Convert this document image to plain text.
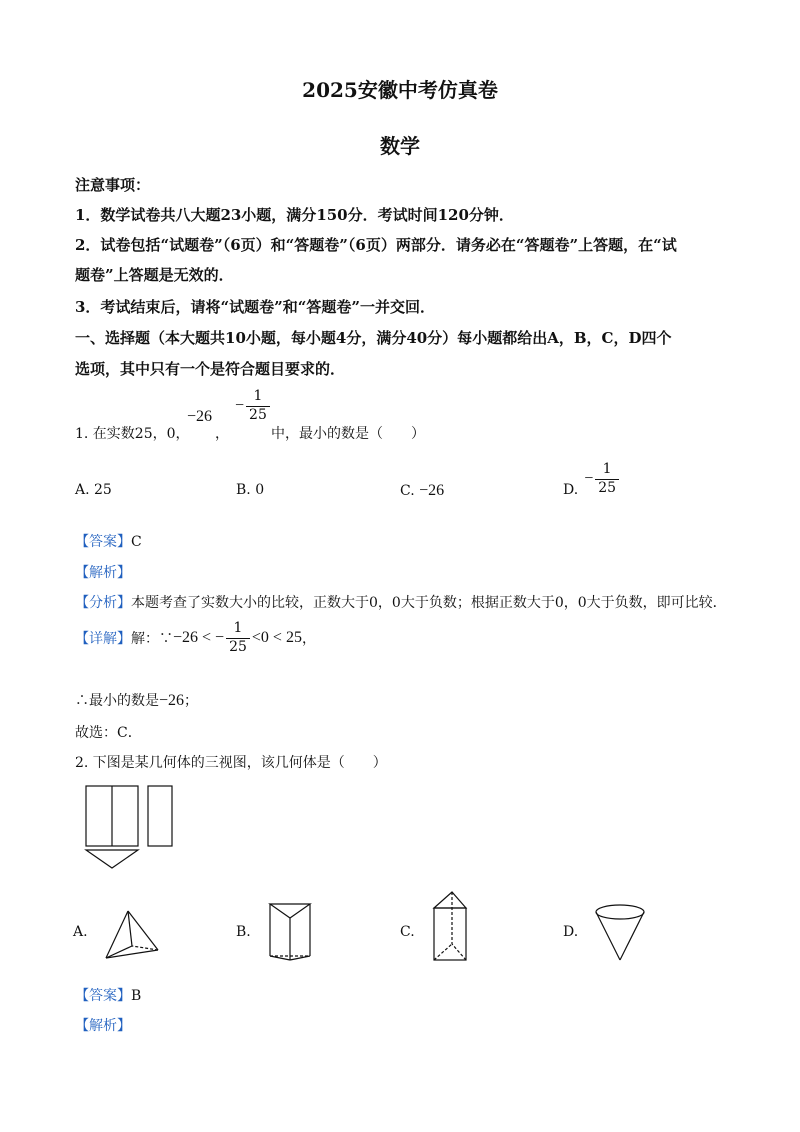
2025安徽中考仿真卷
数学
注意事项：
1．数学试卷共八大题23小题，满分150分．考试时间120分钟．
2．试卷包括“试题卷”（6页）和“答题卷”（6页）两部分．请务必在“答题卷”上答题，在“试
题卷”上答题是无效的．
3．考试结束后，请将“试题卷”和“答题卷”一并交回．
一、选择题（本大题共10小题，每小题4分，满分40分）每小题都给出A，B，C，D四个
选项，其中只有一个是符合题目要求的．
1. 在实数25，0，
−26
，
− $\frac{1}{25}$
中，最小的数是（　　）
A. 25	B. 0	C. −26	D.
− $\frac{1}{25}$
【答案】C
【解析】
【分析】本题考查了实数大小的比较，正数大于0，0大于负数；根据正数大于0，0大于负数，即可比较．
【详解】 解：∵ −26 < − $\frac{1}{25} <0 < 25$ ，
∴最小的数是−26；
故选：C．
2. 下图是某几何体的三视图，该几何体是（　　）
A.	B.	C.	D.
【答案】B
【解析】
